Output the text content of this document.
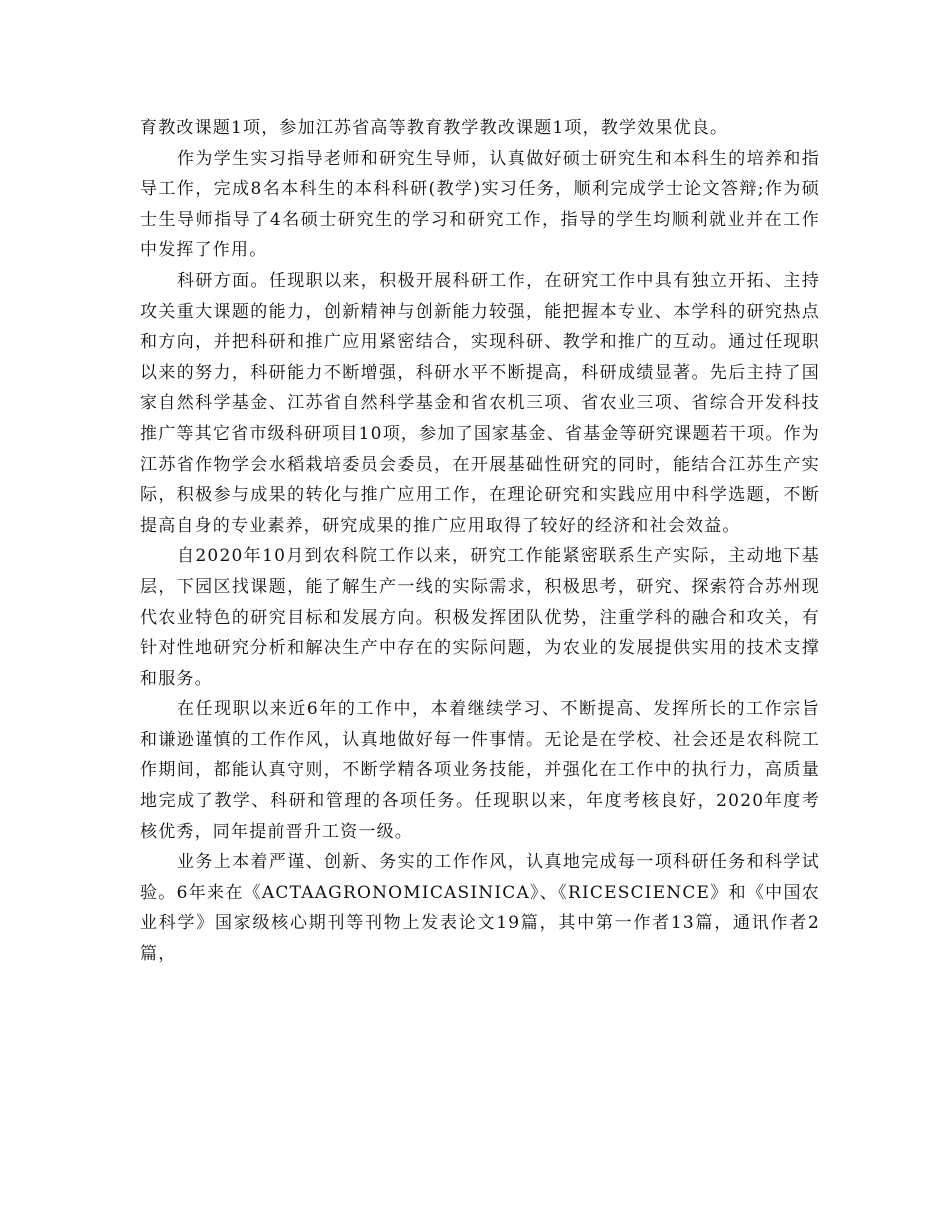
育教改课题1项，参加江苏省高等教育教学教改课题1项，教学效果优良。

作为学生实习指导老师和研究生导师，认真做好硕士研究生和本科生的培养和指导工作，完成8名本科生的本科科研(教学)实习任务，顺利完成学士论文答辩;作为硕士生导师指导了4名硕士研究生的学习和研究工作，指导的学生均顺利就业并在工作中发挥了作用。

科研方面。任现职以来，积极开展科研工作，在研究工作中具有独立开拓、主持攻关重大课题的能力，创新精神与创新能力较强，能把握本专业、本学科的研究热点和方向，并把科研和推广应用紧密结合，实现科研、教学和推广的互动。通过任现职以来的努力，科研能力不断增强，科研水平不断提高，科研成绩显著。先后主持了国家自然科学基金、江苏省自然科学基金和省农机三项、省农业三项、省综合开发科技推广等其它省市级科研项目10项，参加了国家基金、省基金等研究课题若干项。作为江苏省作物学会水稻栽培委员会委员，在开展基础性研究的同时，能结合江苏生产实际，积极参与成果的转化与推广应用工作，在理论研究和实践应用中科学选题，不断提高自身的专业素养，研究成果的推广应用取得了较好的经济和社会效益。

自2020年10月到农科院工作以来，研究工作能紧密联系生产实际，主动地下基层，下园区找课题，能了解生产一线的实际需求，积极思考，研究、探索符合苏州现代农业特色的研究目标和发展方向。积极发挥团队优势，注重学科的融合和攻关，有针对性地研究分析和解决生产中存在的实际问题，为农业的发展提供实用的技术支撑和服务。

在任现职以来近6年的工作中，本着继续学习、不断提高、发挥所长的工作宗旨和谦逊谨慎的工作作风，认真地做好每一件事情。无论是在学校、社会还是农科院工作期间，都能认真守则，不断学精各项业务技能，并强化在工作中的执行力，高质量地完成了教学、科研和管理的各项任务。任现职以来，年度考核良好，2020年度考核优秀，同年提前晋升工资一级。

业务上本着严谨、创新、务实的工作作风，认真地完成每一项科研任务和科学试验。6年来在《ACTAAGRONOMICASINICA》、《RICESCIENCE》和《中国农业科学》国家级核心期刊等刊物上发表论文19篇，其中第一作者13篇，通讯作者2篇，
